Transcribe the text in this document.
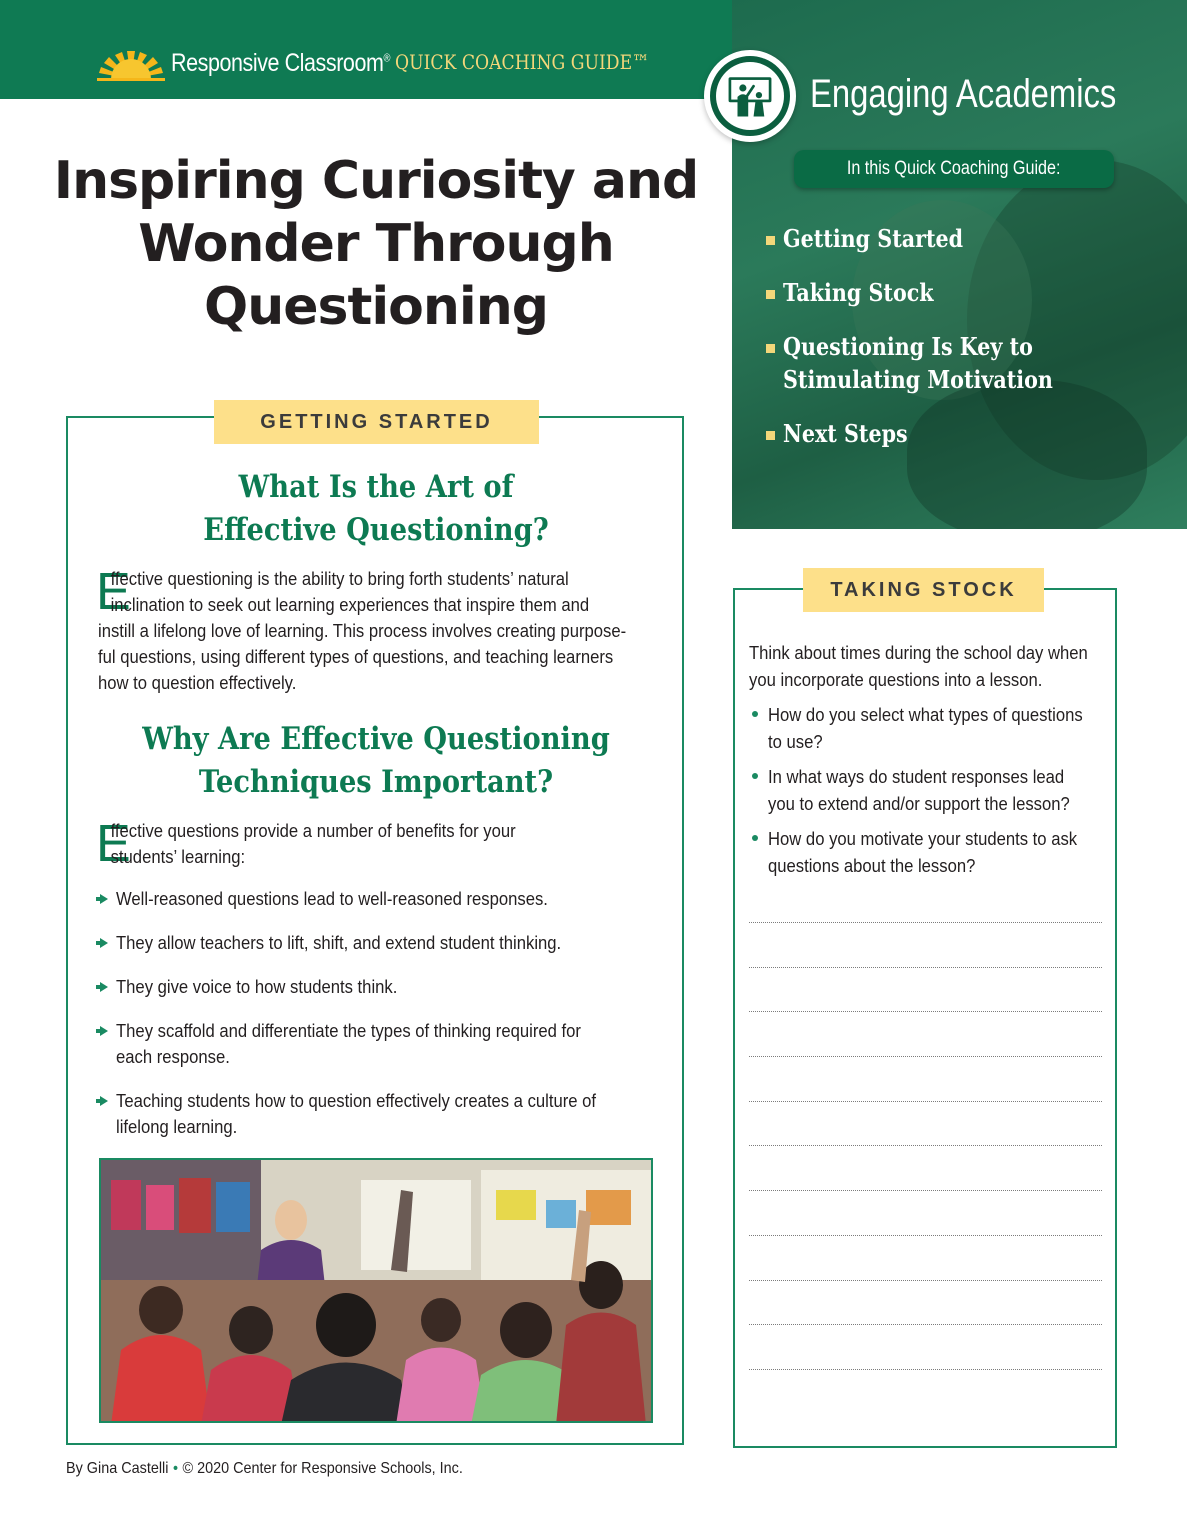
Responsive Classroom® QUICK COACHING GUIDE™
Engaging Academics
In this Quick Coaching Guide:
Getting Started
Taking Stock
Questioning Is Key to
Stimulating Motivation
Next Steps
Inspiring Curiosity and
Wonder Through
Questioning
GETTING STARTED
What Is the Art of
Effective Questioning?
E
ffective questioning is the ability to bring forth students’ natural
inclination to seek out learning experiences that inspire them and
instill a lifelong love of learning. This process involves creating purpose-
ful questions, using different types of questions, and teaching learners
how to question effectively.
Why Are Effective Questioning
Techniques Important?
E
ffective questions provide a number of benefits for your
students’ learning:
Well-reasoned questions lead to well-reasoned responses.
They allow teachers to lift, shift, and extend student thinking.
They give voice to how students think.
They scaffold and differentiate the types of thinking required for
each response.
Teaching students how to question effectively creates a culture of
lifelong learning.
TAKING STOCK
Think about times during the school day when
you incorporate questions into a lesson.
How do you select what types of questions
to use?
In what ways do student responses lead
you to extend and/or support the lesson?
How do you motivate your students to ask
questions about the lesson?
By Gina Castelli • © 2020 Center for Responsive Schools, Inc.
